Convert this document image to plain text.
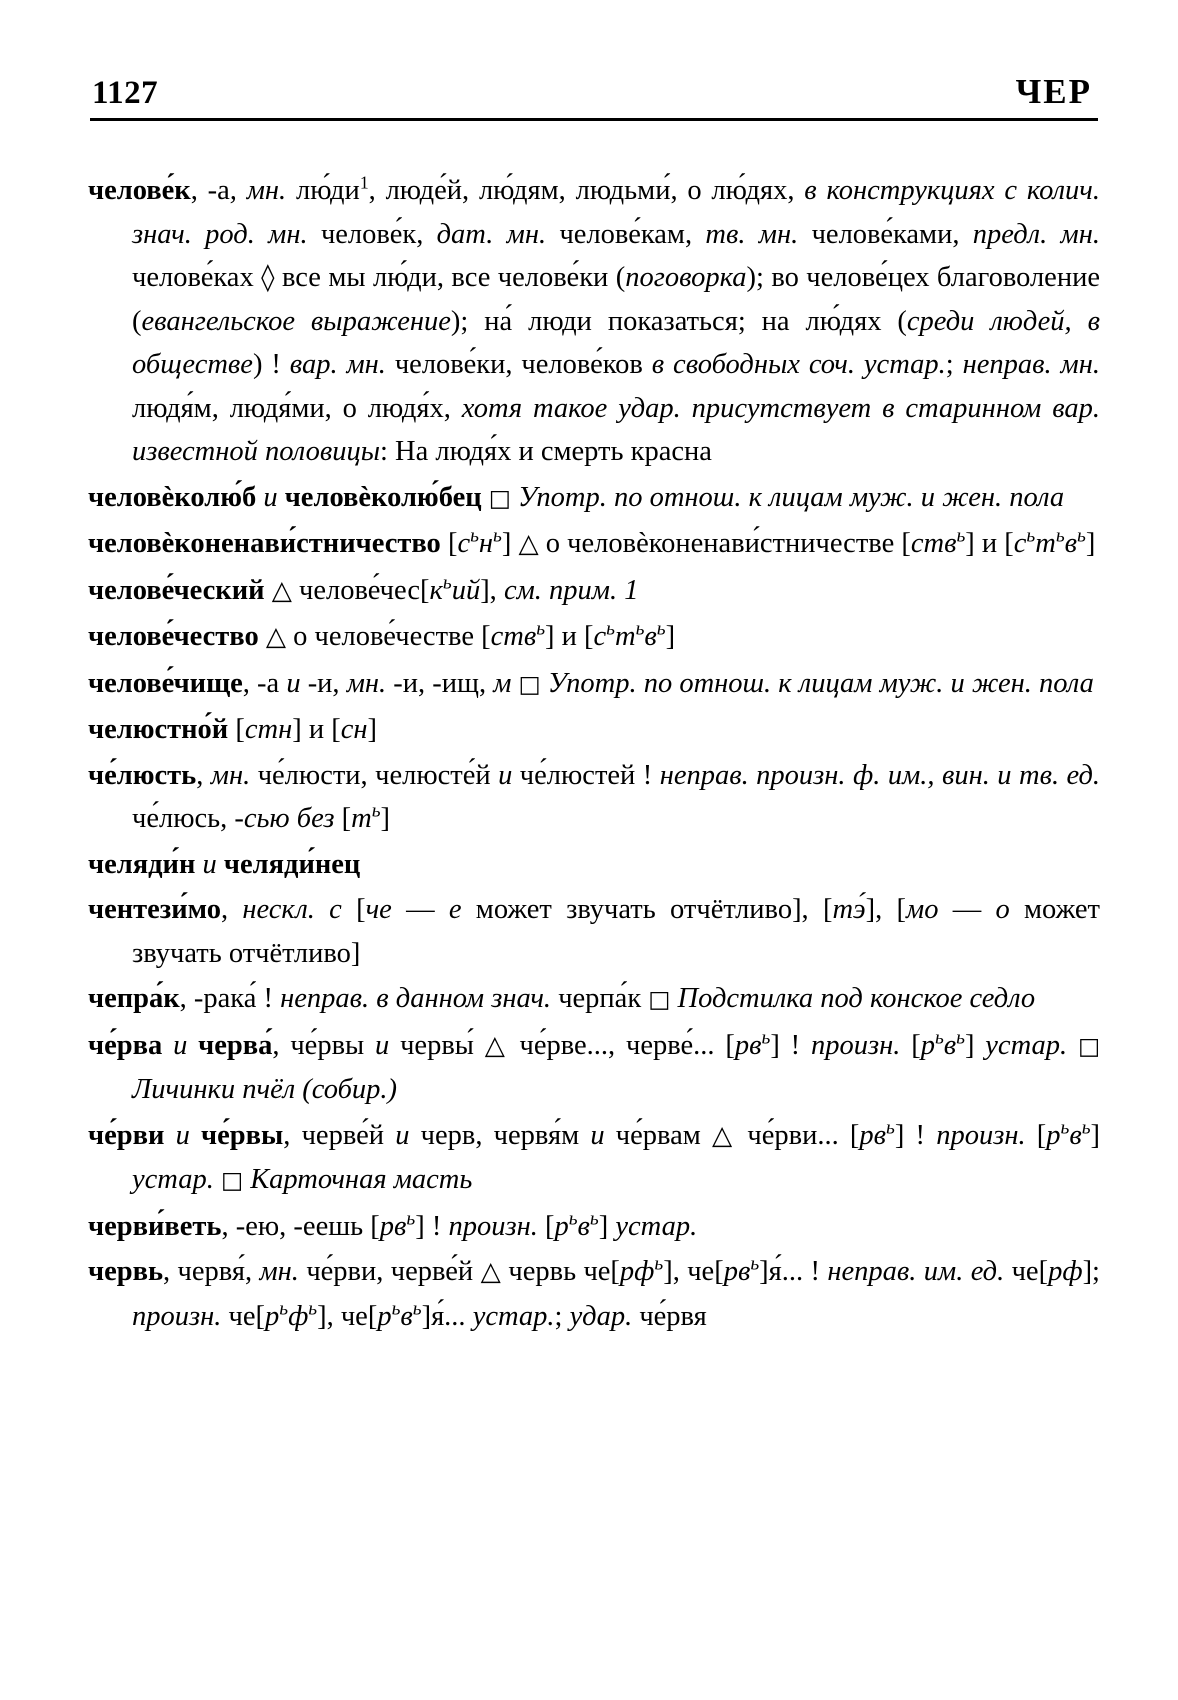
1127	ЧЕР

челове́к, -а, мн. $лю́ди^1$, люде́й, лю́дям, людьми́, о лю́дях, в конструкциях с колич. знач. род. мн. челове́к, дат. мн. челове́кам, тв. мн. челове́ками, предл. мн. челове́ках ◊ все мы лю́ди, все челове́ки (поговорка); во челове́цех благоволение (евангельское выражение); на́ люди показаться; на лю́дях (среди людей, в обществе) ! вар. мн. челове́ки, челове́ков в свободных соч. устар.; неправ. мн. людя́м, людя́ми, о людя́х, хотя такое удар. присутствует в старинном вар. известной половицы: На людя́х и смерть красна

человѐколю́б и человѐколю́бец □ Употр. по отнош. к лицам муж. и жен. пола

человѐконенави́стничество $[с^ьн^ь]$ △ о человѐконенави́стничестве [ств$^ь$] и $[с^ьт^ьв^ь]$

челове́ческий △ $челове́чес[к^ьий]$, см. прим. 1

челове́чество △ о челове́честве [ств$^ь$] и $[с^ьт^ьв^ь]$

челове́чище, -а и -и, мн. -и, -ищ, м □ Употр. по отнош. к лицам муж. и жен. пола

челюстно́й [стн] и [сн]

че́люсть, мн. че́люсти, челюсте́й и че́люстей ! неправ. произн. ф. им., вин. и тв. ед. че́люсь, -сью без $[т^ь]$

челяди́н и челяди́нец

чентези́мо, нескл. с [че — е может звучать отчётливо], [тэ́], [мо — о может звучать отчётливо]

чепра́к, -рака́ ! неправ. в данном знач. черпа́к □ Подстилка под конское седло

че́рва и черва́, че́рвы и червы́ △ че́рве..., черве́... $[рв^ь]$ ! произн. $[р^ьв^ь]$ устар. □ Личинки пчёл (собир.)

че́рви и че́рвы, черве́й и черв, червя́м и че́рвам △ че́рви... $[рв^ь]$ ! произн. $[р^ьв^ь]$ устар. □ Карточная масть

черви́веть, -ею, -еешь $[рв^ь]$ ! произн. $[р^ьв^ь]$ устар.

червь, червя́, мн. че́рви, черве́й △ червь $че[рф^ь]$, $че[рв^ь]я́$... ! неправ. им. ед. че[рф]; произн. $че[р^ьф^ь]$, $че[р^ьв^ь]я́$... устар.; удар. че́рвя
